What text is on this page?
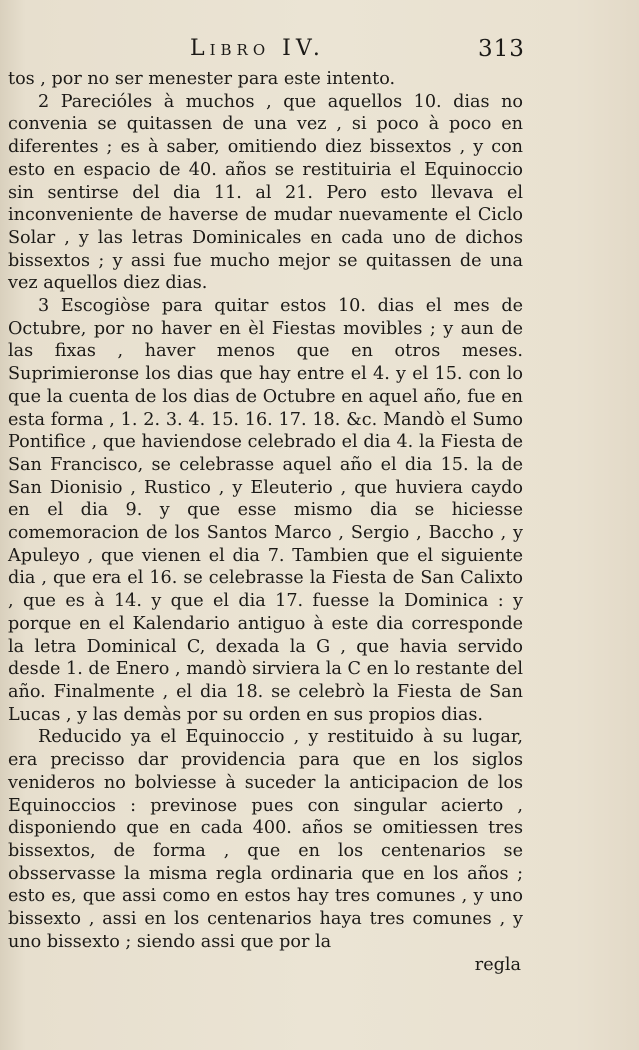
Libro IV.	313

tos , por no ser menester para este intento.

2 Parecióles à muchos , que aquellos 10. dias no convenia se quitassen de una vez , si poco à poco en diferentes ; es à saber, omitiendo diez bissextos , y con esto en espacio de 40. años se restituiria el Equinoccio sin sentirse del dia 11. al 21. Pero esto llevava el inconveniente de haverse de mudar nuevamente el Ciclo Solar , y las letras Dominicales en cada uno de dichos bissextos ; y assi fue mucho mejor se quitassen de una vez aquellos diez dias.

3 Escogiòse para quitar estos 10. dias el mes de Octubre, por no haver en èl Fiestas movibles ; y aun de las fixas , haver menos que en otros meses. Suprimieronse los dias que hay entre el 4. y el 15. con lo que la cuenta de los dias de Octubre en aquel año, fue en esta forma , 1. 2. 3. 4. 15. 16. 17. 18. &c. Mandò el Sumo Pontifice , que haviendose celebrado el dia 4. la Fiesta de San Francisco, se celebrasse aquel año el dia 15. la de San Dionisio , Rustico , y Eleuterio , que huviera caydo en el dia 9. y que esse mismo dia se hiciesse comemoracion de los Santos Marco , Sergio , Baccho , y Apuleyo , que vienen el dia 7. Tambien que el siguiente dia , que era el 16. se celebrasse la Fiesta de San Calixto , que es à 14. y que el dia 17. fuesse la Dominica : y porque en el Kalendario antiguo à este dia corresponde la letra Dominical C, dexada la G , que havia servido desde 1. de Enero , mandò sirviera la C en lo restante del año. Finalmente , el dia 18. se celebrò la Fiesta de San Lucas , y las demàs por su orden en sus propios dias.

Reducido ya el Equinoccio , y restituido à su lugar, era precisso dar providencia para que en los siglos venideros no bolviesse à suceder la anticipacion de los Equinoccios : previnose pues con singular acierto , disponiendo que en cada 400. años se omitiessen tres bissextos, de forma , que en los centenarios se obsservasse la misma regla ordinaria que en los años ; esto es, que assi como en estos hay tres comunes , y uno bissexto , assi en los centenarios haya tres comunes , y uno bissexto ; siendo assi que por la

regla
